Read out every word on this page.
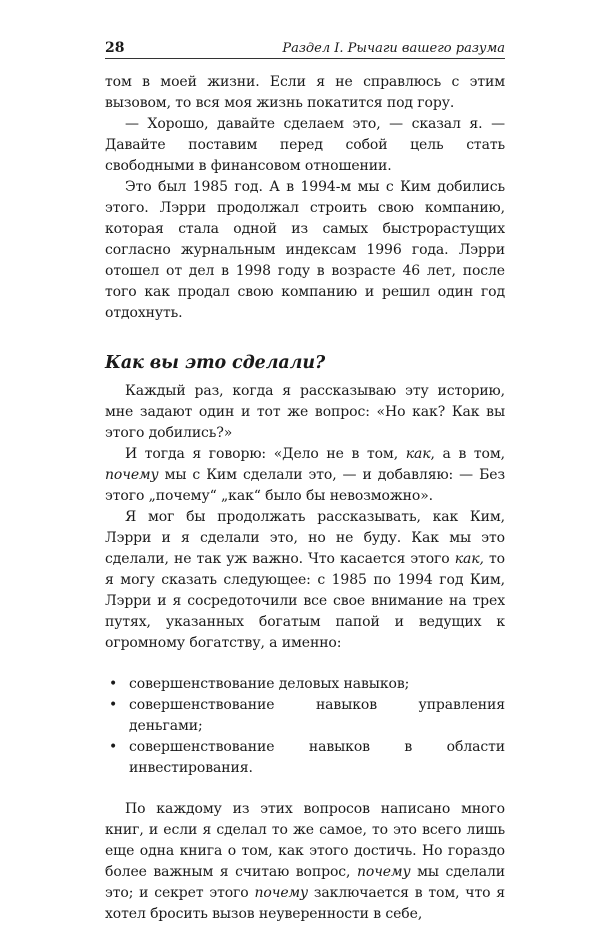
28	Раздел I. Рычаги вашего разума

том в моей жизни. Если я не справлюсь с этим вызовом, то вся моя жизнь покатится под гору.

— Хорошо, давайте сделаем это, — сказал я. — Давайте поставим перед собой цель стать свободными в финансовом отношении.

Это был 1985 год. А в 1994-м мы с Ким добились этого. Лэрри продолжал строить свою компанию, которая стала одной из самых быстрорастущих согласно журнальным индексам 1996 года. Лэрри отошел от дел в 1998 году в возрасте 46 лет, после того как продал свою компанию и решил один год отдохнуть.

Как вы это сделали?

Каждый раз, когда я рассказываю эту историю, мне задают один и тот же вопрос: «Но как? Как вы этого добились?»

И тогда я говорю: «Дело не в том, как, а в том, почему мы с Ким сделали это, — и добавляю: — Без этого „почему“ „как“ было бы невозможно».

Я мог бы продолжать рассказывать, как Ким, Лэрри и я сделали это, но не буду. Как мы это сделали, не так уж важно. Что касается этого как, то я могу сказать следующее: с 1985 по 1994 год Ким, Лэрри и я сосредоточили все свое внимание на трех путях, указанных богатым папой и ведущих к огромному богатству, а именно:

• совершенствование деловых навыков;
• совершенствование навыков управления деньгами;
• совершенствование навыков в области инвестирования.

По каждому из этих вопросов написано много книг, и если я сделал то же самое, то это всего лишь еще одна книга о том, как этого достичь. Но гораздо более важным я считаю вопрос, почему мы сделали это; и секрет этого почему заключается в том, что я хотел бросить вызов неуверенности в себе,
